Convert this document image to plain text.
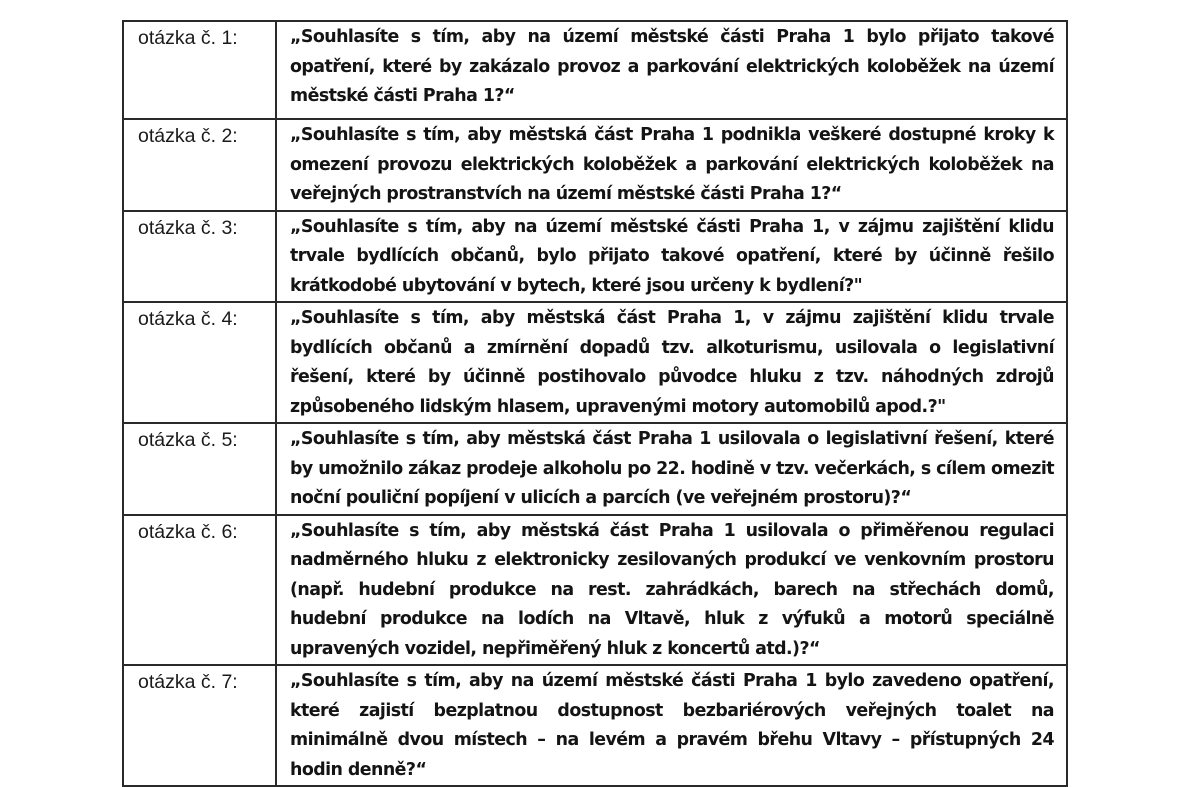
otázka č. 1:	„Souhlasíte s tím, aby na území městské části Praha 1 bylo přijato takové opatření, které by zakázalo provoz a parkování elektrických koloběžek na území městské části Praha 1?“
otázka č. 2:	„Souhlasíte s tím, aby městská část Praha 1 podnikla veškeré dostupné kroky k omezení provozu elektrických koloběžek a parkování elektrických koloběžek na veřejných prostranstvích na území městské části Praha 1?“
otázka č. 3:	„Souhlasíte s tím, aby na území městské části Praha 1, v zájmu zajištění klidu trvale bydlících občanů, bylo přijato takové opatření, které by účinně řešilo krátkodobé ubytování v bytech, které jsou určeny k bydlení?"
otázka č. 4:	„Souhlasíte s tím, aby městská část Praha 1, v zájmu zajištění klidu trvale bydlících občanů a zmírnění dopadů tzv. alkoturismu, usilovala o legislativní řešení, které by účinně postihovalo původce hluku z tzv. náhodných zdrojů způsobeného lidským hlasem, upravenými motory automobilů apod.?"
otázka č. 5:	„Souhlasíte s tím, aby městská část Praha 1 usilovala o legislativní řešení, které by umožnilo zákaz prodeje alkoholu po 22. hodině v tzv. večerkách, s cílem omezit noční pouliční popíjení v ulicích a parcích (ve veřejném prostoru)?“
otázka č. 6:	„Souhlasíte s tím, aby městská část Praha 1 usilovala o přiměřenou regulaci nadměrného hluku z elektronicky zesilovaných produkcí ve venkovním prostoru (např. hudební produkce na rest. zahrádkách, barech na střechách domů, hudební produkce na lodích na Vltavě, hluk z výfuků a motorů speciálně upravených vozidel, nepřiměřený hluk z koncertů atd.)?“
otázka č. 7:	„Souhlasíte s tím, aby na území městské části Praha 1 bylo zavedeno opatření, které zajistí bezplatnou dostupnost bezbariérových veřejných toalet na minimálně dvou místech – na levém a pravém břehu Vltavy – přístupných 24 hodin denně?“
